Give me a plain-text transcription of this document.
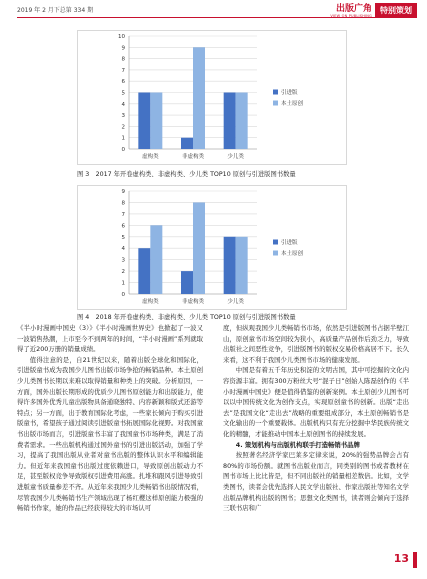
2019 年 2 月下总第 334 期	出版广角
VIEW ON PUBLISHING
特别策划
0
1
2
3
4
5
6
7
8
9
10
虚构类	非虚构类	少儿类
引进版
本土原创
图 3　2017 年开卷虚构类、非虚构类、少儿类 TOP10 原创与引进版图书数量
0
1
2
3
4
5
6
7
8
9
虚构类	非虚构类	少儿类
引进版
本土原创
图 4　2018 年开卷虚构类、非虚构类、少儿类 TOP10 原创与引进版图书数量

《半小时漫画中国史（3）》《半小时漫画世界史》也掀起了一波又一波销售热潮，上市至今不到两年的时间，“半小时漫画”系列就取得了近200万册的销量成绩。

值得注意的是，自21世纪以来，随着出版全球化和国际化，引进版童书成为我国少儿图书出版市场争抢的畅销品种。本土原创少儿类图书长期以来难以取得销量和种类上的突破。分析原因，一方面，国外出版长期形成的优质少儿图书原创能力和出版能力，使得许多国外优秀儿童出版物具备通晓独特、内容新颖和版式还游等特点；另一方面，出于教育国际化考虑，一些家长倾向于购买引进版童书，希望孩子通过阅读引进版童书拓展国际化视野。对我国童书出版市场而言，引进版童书丰富了我国童书市场种类，满足了消费者需求。一些出版机构通过国外童书的引进出版活动，加强了学习，提高了我国出版从业者对童书出版的整体认识水平和编辑能力。但近年来我国童书出版过度依赖进口，导致原创出版动力不足，甚至版权竞争导致版权引进费用高涨。扎堆和跟风引进导致引进版童书质量参差不齐。从近年来我国少儿类畅销书出版情况看，尽管我国少儿类畅销书生产领域出现了杨红樱这样原创能力极强的畅销书作家，她的作品已经获得较大的市场认可

度，但纵观我国少儿类畅销书市场，依然是引进版图书占据半壁江山，原创童书市场空间较为狭小，高质量产品创作后劲乏力，导致出版社之间恶性竞争，引进版图书的版权交易价格高居不下。长久来看，这不利于我国少儿类图书市场的健康发展。

中国是有着五千年历史积淀的文明古国，其中可挖掘的文化内容资源丰富。拥有300万粉丝大号“混子日”创始人陈磊创作的《半小时漫画中国史》便是值得借鉴的创新案例。本土原创少儿图书可以以中国传统文化为创作支点，实现原创童书的创新。出版“走出去”是我国文化“走出去”战略的重要组成部分，本土原创畅销书是文化输出的一个重要载体。出版机构只有充分挖掘中华民族传统文化的精髓，才能推动中国本土原创图书的持续发展。

4. 策划机构与出版机构联手打造畅销书品牌

按照著名经济学家巴莱多定律来说，20%的强势品牌会占有80%的市场份额。就图书出版业而言，同类别的图书或者教材在图书市场上比比皆是，但不同出版社的销量相差数倍。比如，文学类图书，读者会优先选择人民文学出版社、作家出版社等知名文学出版品牌机构出版的图书；思想文化类图书，读者则会倾向于选择三联书店和广

13
